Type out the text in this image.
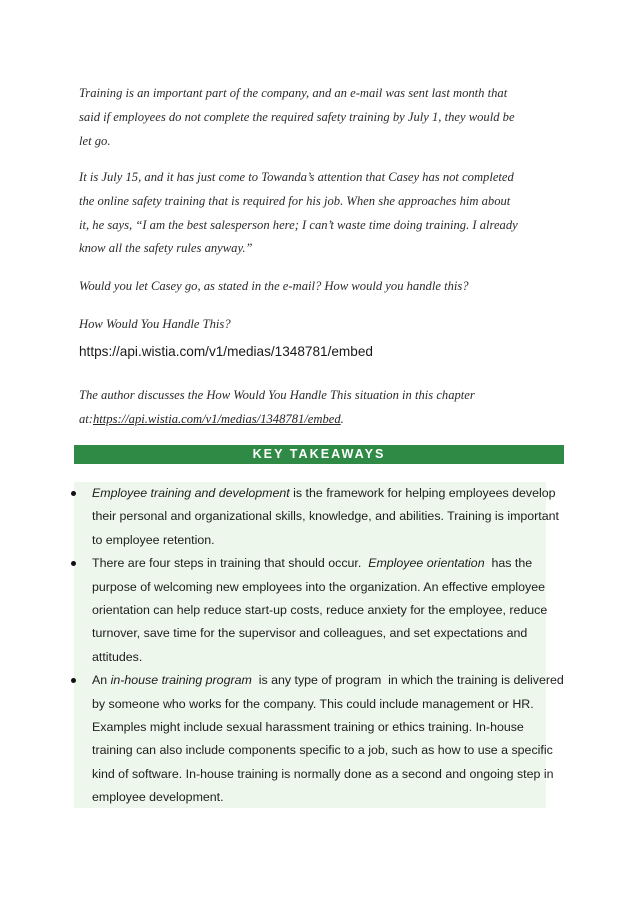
Training is an important part of the company, and an e-mail was sent last month that
said if employees do not complete the required safety training by July 1, they would be
let go.

It is July 15, and it has just come to Towanda’s attention that Casey has not completed
the online safety training that is required for his job. When she approaches him about
it, he says, “I am the best salesperson here; I can’t waste time doing training. I already
know all the safety rules anyway.”

Would you let Casey go, as stated in the e-mail? How would you handle this?

How Would You Handle This?

https://api.wistia.com/v1/medias/1348781/embed

The author discusses the How Would You Handle This situation in this chapter
at:https://api.wistia.com/v1/medias/1348781/embed.

KEY TAKEAWAYS
Employee training and development is the framework for helping employees develop
their personal and organizational skills, knowledge, and abilities. Training is important
to employee retention.
There are four steps in training that should occur.  Employee orientation  has the
purpose of welcoming new employees into the organization. An effective employee
orientation can help reduce start-up costs, reduce anxiety for the employee, reduce
turnover, save time for the supervisor and colleagues, and set expectations and
attitudes.
An in-house training program  is any type of program  in which the training is delivered
by someone who works for the company. This could include management or HR.
Examples might include sexual harassment training or ethics training. In-house
training can also include components specific to a job, such as how to use a specific
kind of software. In-house training is normally done as a second and ongoing step in
employee development.
